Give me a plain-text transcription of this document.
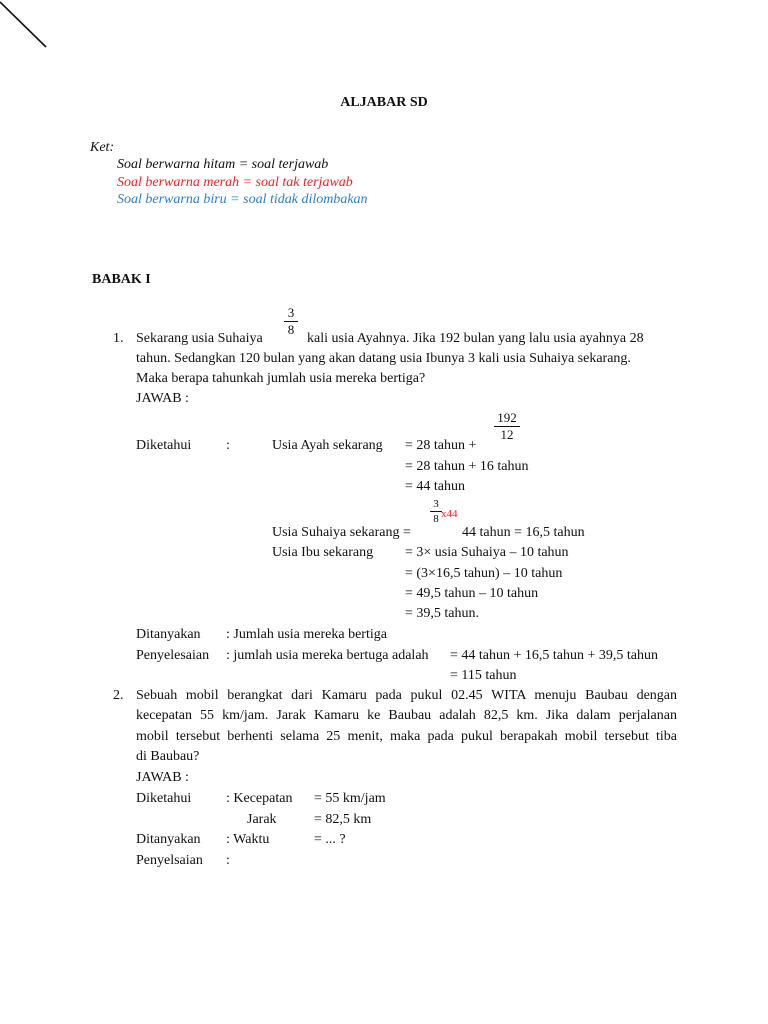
ALJABAR SD
Ket:
Soal berwarna hitam = soal terjawab
Soal berwarna merah = soal tak terjawab
Soal berwarna biru = soal tidak dilombakan
BABAK I
1. Sekarang usia Suhaiya
3
8
kali usia Ayahnya. Jika 192 bulan yang lalu usia ayahnya 28
tahun. Sedangkan 120 bulan yang akan datang usia Ibunya 3 kali usia Suhaiya sekarang.
Maka berapa tahunkah jumlah usia mereka bertiga?
JAWAB :
Diketahui :	Usia Ayah sekarang = 28 tahun +
192
12
= 28 tahun + 16 tahun
= 44 tahun
Usia Suhaiya sekarang =
3
8 x44
44 tahun = 16,5 tahun
Usia Ibu sekarang = 3× usia Suhaiya – 10 tahun
= (3×16,5 tahun) – 10 tahun
= 49,5 tahun – 10 tahun
= 39,5 tahun.
Ditanyakan : Jumlah usia mereka bertiga
Penyelesaian : jumlah usia mereka bertuga adalah = 44 tahun + 16,5 tahun + 39,5 tahun
= 115 tahun
2. Sebuah mobil berangkat dari Kamaru pada pukul 02.45 WITA menuju Baubau dengan
kecepatan 55 km/jam. Jarak Kamaru ke Baubau adalah 82,5 km. Jika dalam perjalanan
mobil tersebut berhenti selama 25 menit, maka pada pukul berapakah mobil tersebut tiba
di Baubau?
JAWAB :
Diketahui : Kecepatan = 55 km/jam
Jarak	= 82,5 km
Ditanyakan : Waktu	= ... ?
Penyelsaian :
